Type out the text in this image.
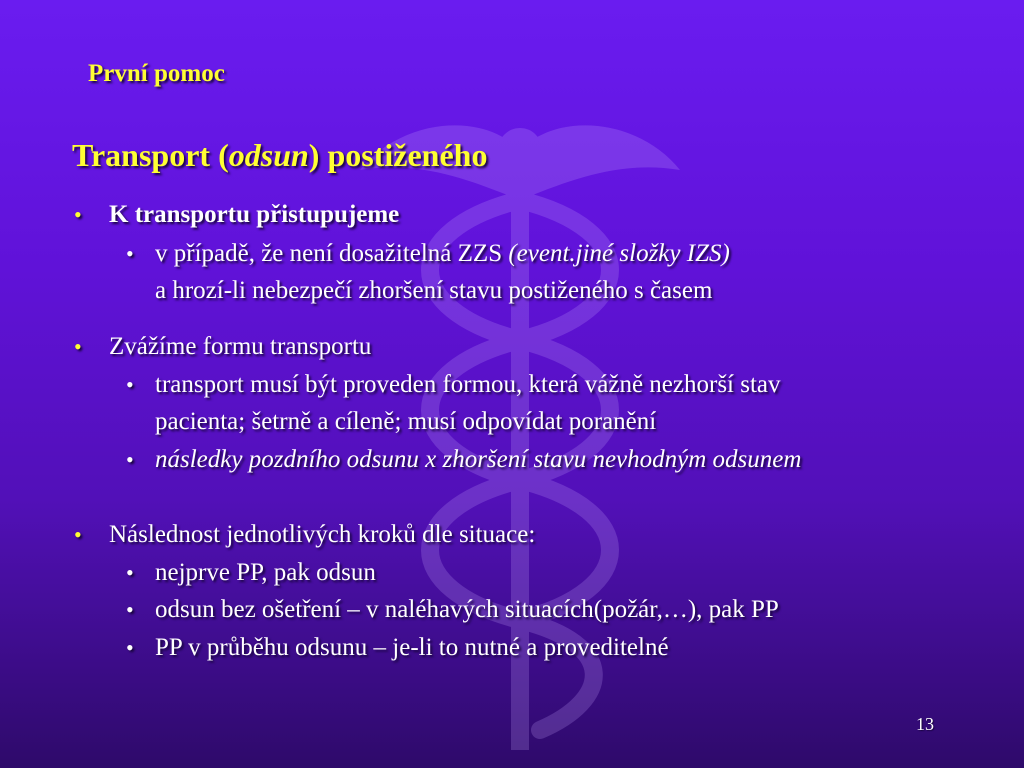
První pomoc
Transport (odsun) postiženého
• K transportu přistupujeme
• v případě, že není dosažitelná ZZS (event.jiné složky IZS)
a hrozí-li nebezpečí zhoršení stavu postiženého s časem
• Zvážíme formu transportu
• transport musí být proveden formou, která vážně nezhorší stav
pacienta; šetrně a cíleně; musí odpovídat poranění
• následky pozdního odsunu x zhoršení stavu nevhodným odsunem
• Následnost jednotlivých kroků dle situace:
• nejprve PP, pak odsun
• odsun bez ošetření – v naléhavých situacích(požár,…), pak PP
• PP v průběhu odsunu – je-li to nutné a proveditelné
13
